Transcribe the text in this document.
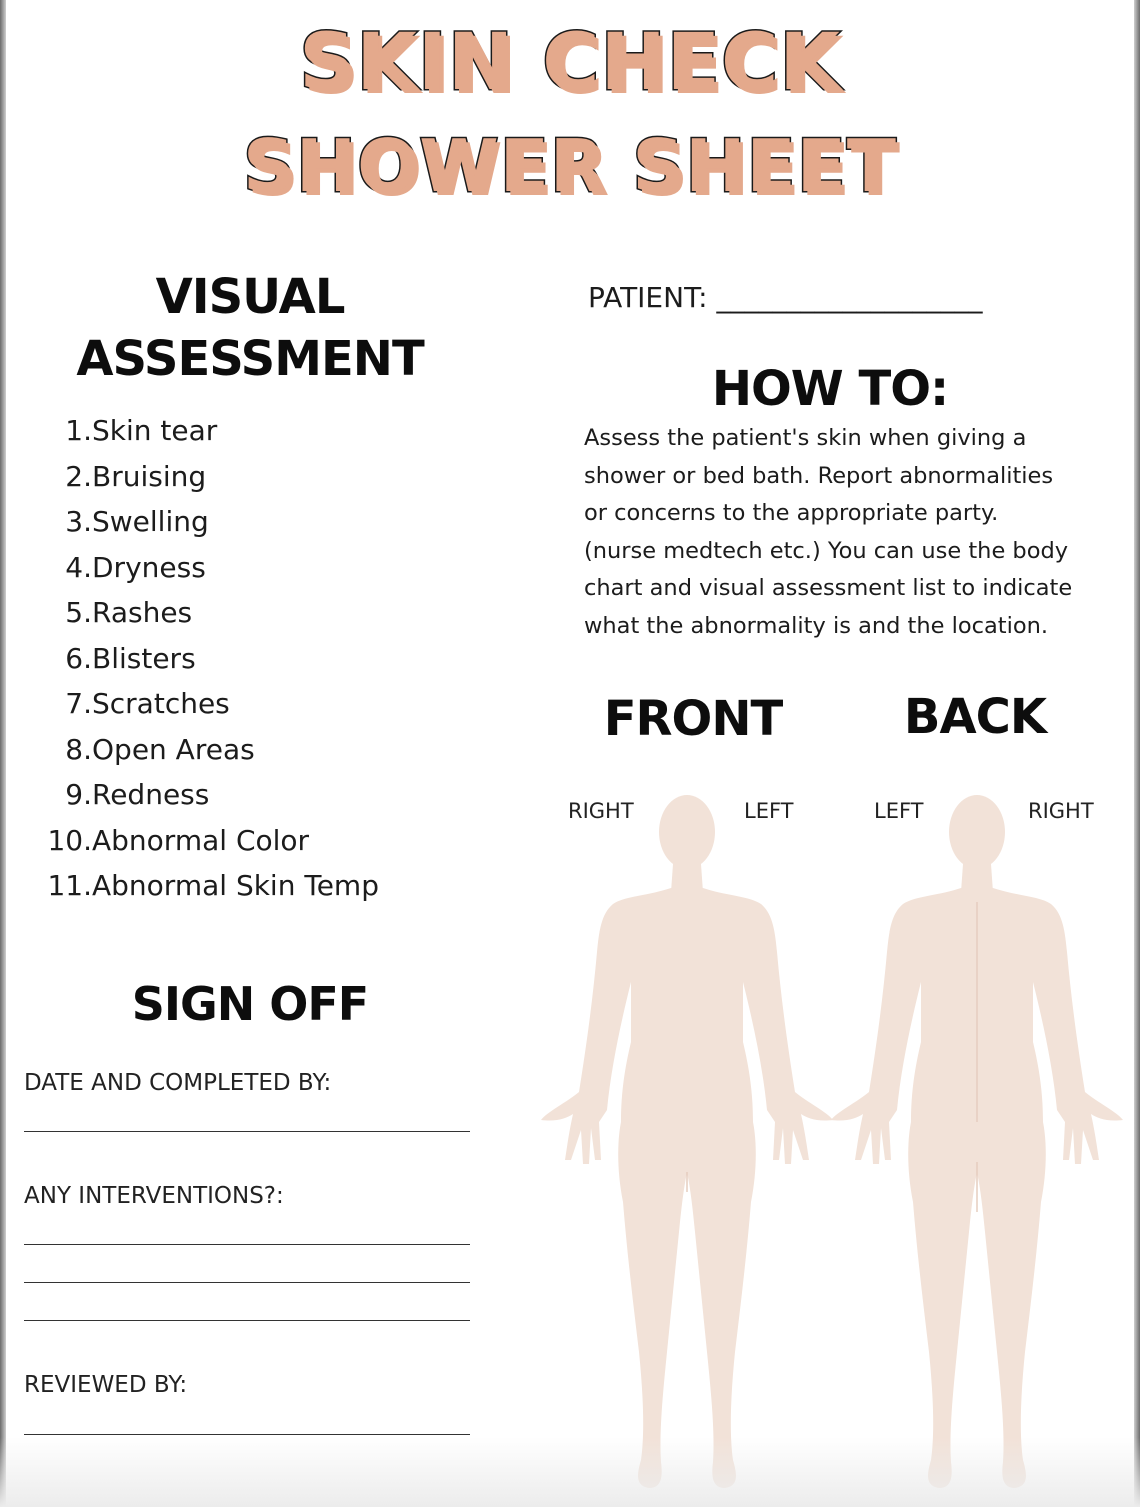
SKIN CHECK
SHOWER SHEET
VISUAL
ASSESSMENT
1.Skin tear
2.Bruising
3.Swelling
4.Dryness
5.Rashes
6.Blisters
7.Scratches
8.Open Areas
9.Redness
10.Abnormal Color
11.Abnormal Skin Temp
PATIENT: ___________________
HOW TO:
Assess the patient's skin when giving a
shower or bed bath. Report abnormalities
or concerns to the appropriate party.
(nurse medtech etc.) You can use the body
chart and visual assessment list to indicate
what the abnormality is and the location.
FRONT	BACK
RIGHT	LEFT	LEFT	RIGHT
SIGN OFF
DATE AND COMPLETED BY:
ANY INTERVENTIONS?:
REVIEWED BY:
